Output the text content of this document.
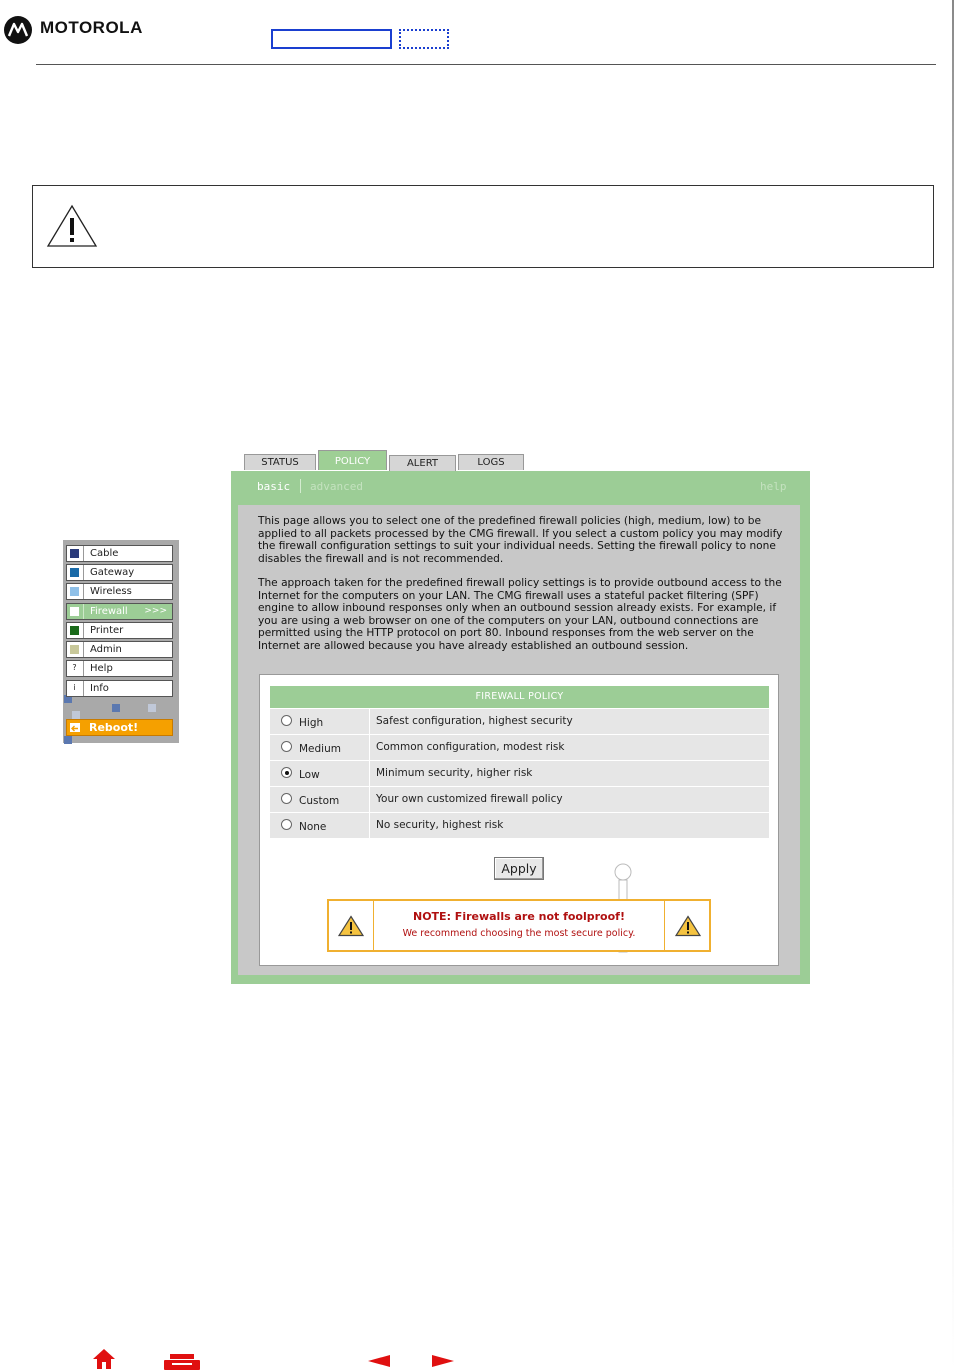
MOTOROLA
Cable
Gateway
Wireless
Firewall >>>
Printer
Admin
? Help
i	Info
Reboot!
STATUS	POLICY	ALERT	LOGS
basic advanced	help

This page allows you to select one of the predefined firewall policies (high, medium, low) to be applied to all packets processed by the CMG firewall. If you select a custom policy you may modify the firewall configuration settings to suit your individual needs. Setting the firewall policy to none disables the firewall and is not recommended.

The approach taken for the predefined firewall policy settings is to provide outbound access to the Internet for the computers on your LAN. The CMG firewall uses a stateful packet filtering (SPF) engine to allow inbound responses only when an outbound session already exists. For example, if you are using a web browser on one of the computers on your LAN, outbound connections are permitted using the HTTP protocol on port 80. Inbound responses from the web server on the Internet are allowed because you have already established an outbound session.

FIREWALL POLICY
High	Safest configuration, highest security
Medium	Common configuration, modest risk
Low	Minimum security, higher risk
Custom	Your own customized firewall policy
None	No security, highest risk
Apply
NOTE: Firewalls are not foolproof!
We recommend choosing the most secure policy.
